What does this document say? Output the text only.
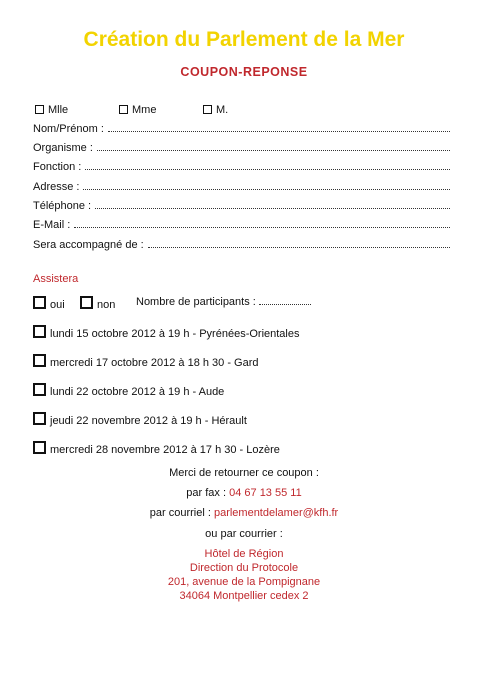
Création du Parlement de la Mer
COUPON-REPONSE
Mlle	Mme	M.
Nom/Prénom :
Organisme :
Fonction :
Adresse :
Téléphone :
E-Mail :
Sera accompagné de :
Assistera
oui	non Nombre de participants :
lundi 15 octobre 2012 à 19 h - Pyrénées-Orientales
mercredi 17 octobre 2012 à 18 h 30 - Gard
lundi 22 octobre 2012 à 19 h - Aude
jeudi 22 novembre 2012 à 19 h - Hérault
mercredi 28 novembre 2012 à 17 h 30 - Lozère
Merci de retourner ce coupon :
par fax : 04 67 13 55 11
par courriel : parlementdelamer@kfh.fr
ou par courrier :
Hôtel de Région
Direction du Protocole
201, avenue de la Pompignane
34064 Montpellier cedex 2
